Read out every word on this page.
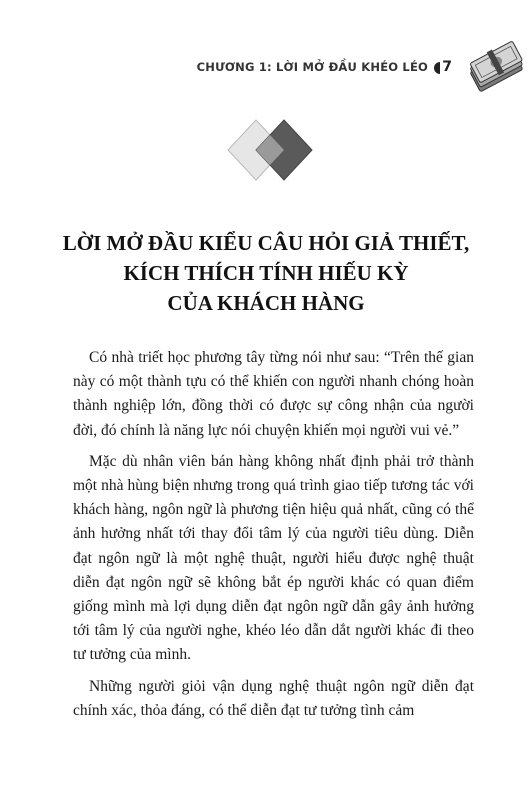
CHƯƠNG 1: LỜI MỞ ĐẦU KHÉO LÉO 7
LỜI MỞ ĐẦU KIỂU CÂU HỎI GIẢ THIẾT,
KÍCH THÍCH TÍNH HIẾU KỲ
CỦA KHÁCH HÀNG

Có nhà triết học phương tây từng nói như sau: “Trên thế gian này có một thành tựu có thể khiến con người nhanh chóng hoàn thành nghiệp lớn, đồng thời có được sự công nhận của người đời, đó chính là năng lực nói chuyện khiến mọi người vui vẻ.”

Mặc dù nhân viên bán hàng không nhất định phải trở thành một nhà hùng biện nhưng trong quá trình giao tiếp tương tác với khách hàng, ngôn ngữ là phương tiện hiệu quả nhất, cũng có thể ảnh hưởng nhất tới thay đổi tâm lý của người tiêu dùng. Diễn đạt ngôn ngữ là một nghệ thuật, người hiểu được nghệ thuật diễn đạt ngôn ngữ sẽ không bắt ép người khác có quan điểm giống mình mà lợi dụng diễn đạt ngôn ngữ dẫn gây ảnh hưởng tới tâm lý của người nghe, khéo léo dẫn dắt người khác đi theo tư tưởng của mình.

Những người giỏi vận dụng nghệ thuật ngôn ngữ diễn đạt chính xác, thỏa đáng, có thể diễn đạt tư tưởng tình cảm
